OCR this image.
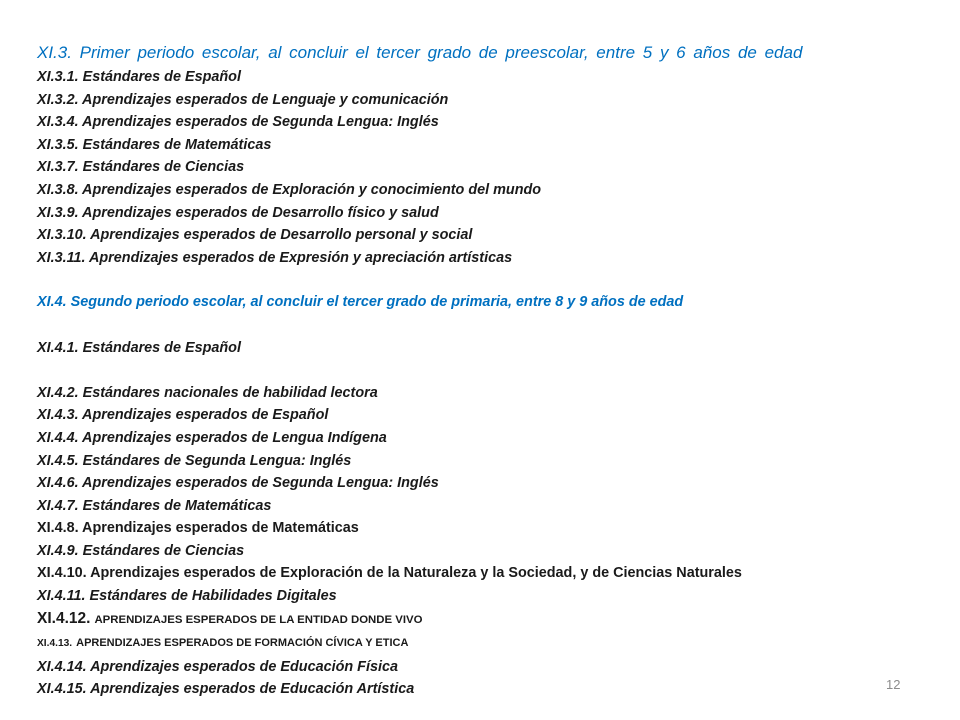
XI.3. Primer periodo escolar, al concluir el tercer grado de preescolar, entre 5 y 6 años de edad

XI.3.1. Estándares de Español

XI.3.2. Aprendizajes esperados de Lenguaje y comunicación

XI.3.4. Aprendizajes esperados de Segunda Lengua: Inglés

XI.3.5. Estándares de Matemáticas

XI.3.7. Estándares de Ciencias

XI.3.8. Aprendizajes esperados de Exploración y conocimiento del mundo

XI.3.9. Aprendizajes esperados de Desarrollo físico y salud

XI.3.10. Aprendizajes esperados de Desarrollo personal y social

XI.3.11. Aprendizajes esperados de Expresión y apreciación artísticas

XI.4. Segundo periodo escolar, al concluir el tercer grado de primaria, entre 8 y 9 años de edad

XI.4.1. Estándares de Español

XI.4.2. Estándares nacionales de habilidad lectora

XI.4.3. Aprendizajes esperados de Español

XI.4.4. Aprendizajes esperados de Lengua Indígena

XI.4.5. Estándares de Segunda Lengua: Inglés

XI.4.6. Aprendizajes esperados de Segunda Lengua: Inglés

XI.4.7. Estándares de Matemáticas

XI.4.8. Aprendizajes esperados de Matemáticas

XI.4.9. Estándares de Ciencias

XI.4.10. Aprendizajes esperados de Exploración de la Naturaleza y la Sociedad, y de Ciencias Naturales

XI.4.11. Estándares de Habilidades Digitales

XI.4.12. APRENDIZAJES ESPERADOS DE LA ENTIDAD DONDE VIVO

XI.4.13. APRENDIZAJES ESPERADOS DE FORMACIÓN CÍVICA Y ETICA

XI.4.14. Aprendizajes esperados de Educación Física

XI.4.15. Aprendizajes esperados de Educación Artística	12
